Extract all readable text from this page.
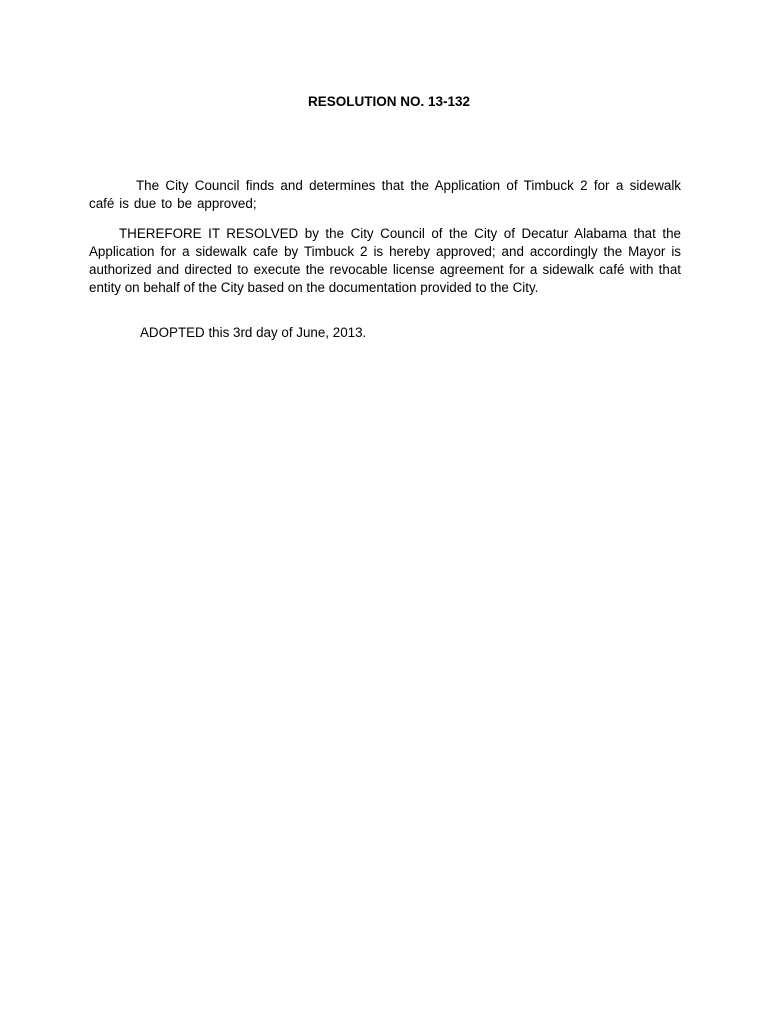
RESOLUTION NO. 13-132

The City Council finds and determines that the Application of Timbuck 2 for a sidewalk café is due to be approved;

THEREFORE IT RESOLVED by the City Council of the City of Decatur Alabama that the Application for a sidewalk cafe by Timbuck 2 is hereby approved; and accordingly the Mayor is authorized and directed to execute the revocable license agreement for a sidewalk café with that entity on behalf of the City based on the documentation provided to the City.

ADOPTED this 3rd day of June, 2013.
